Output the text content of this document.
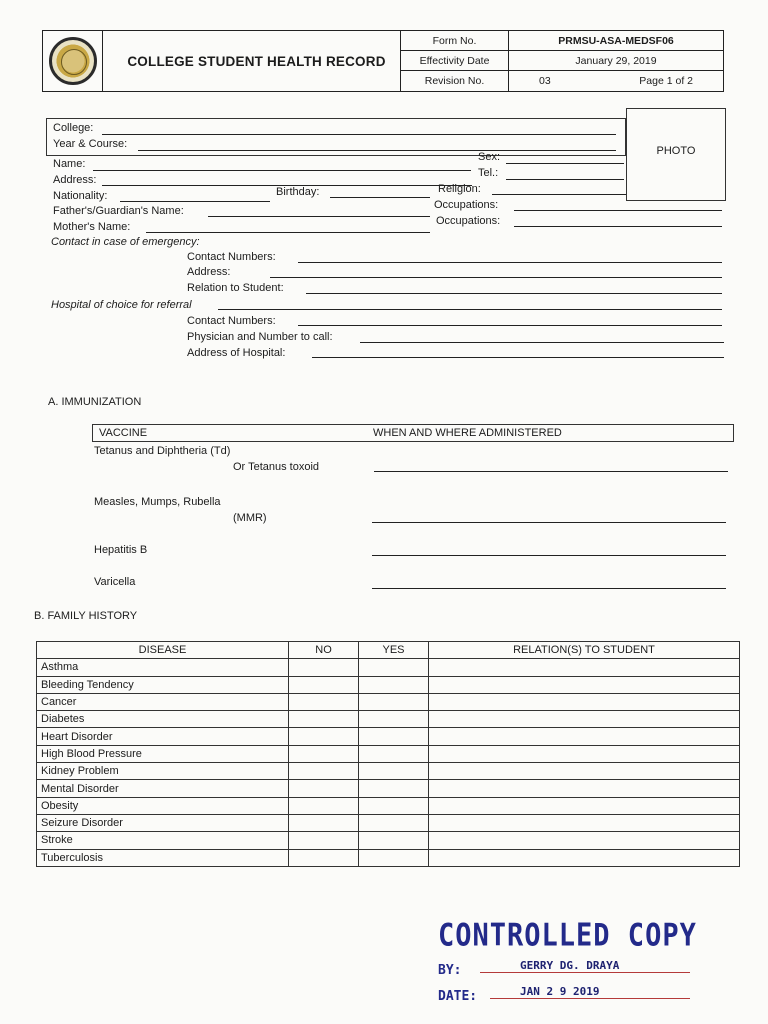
COLLEGE STUDENT HEALTH RECORD
Form No.	PRMSU-ASA-MEDSF06
Effectivity Date	January 29, 2019
Revision No.	03	Page 1 of 2
PHOTO
College:
Year & Course:
Name:
Sex:
Address:
Tel.:
Nationality:	Birthday:	Religion:
Father's/Guardian's Name:	Occupations:
Mother's Name:	Occupations:
Contact in case of emergency:
Contact Numbers:
Address:
Relation to Student:
Hospital of choice for referral
Contact Numbers:
Physician and Number to call:
Address of Hospital:
A. IMMUNIZATION
VACCINE	WHEN AND WHERE ADMINISTERED
Tetanus and Diphtheria (Td)
Or Tetanus toxoid
Measles, Mumps, Rubella
(MMR)
Hepatitis B
Varicella
B. FAMILY HISTORY
DISEASE	NO	YES	RELATION(S) TO STUDENT
Asthma			
Bleeding Tendency			
Cancer			
Diabetes			
Heart Disorder			
High Blood Pressure			
Kidney Problem			
Mental Disorder			
Obesity			
Seizure Disorder			
Stroke			
Tuberculosis			
CONTROLLED COPY
BY:	GERRY DG. DRAYA
DATE:	JAN 2 9 2019
